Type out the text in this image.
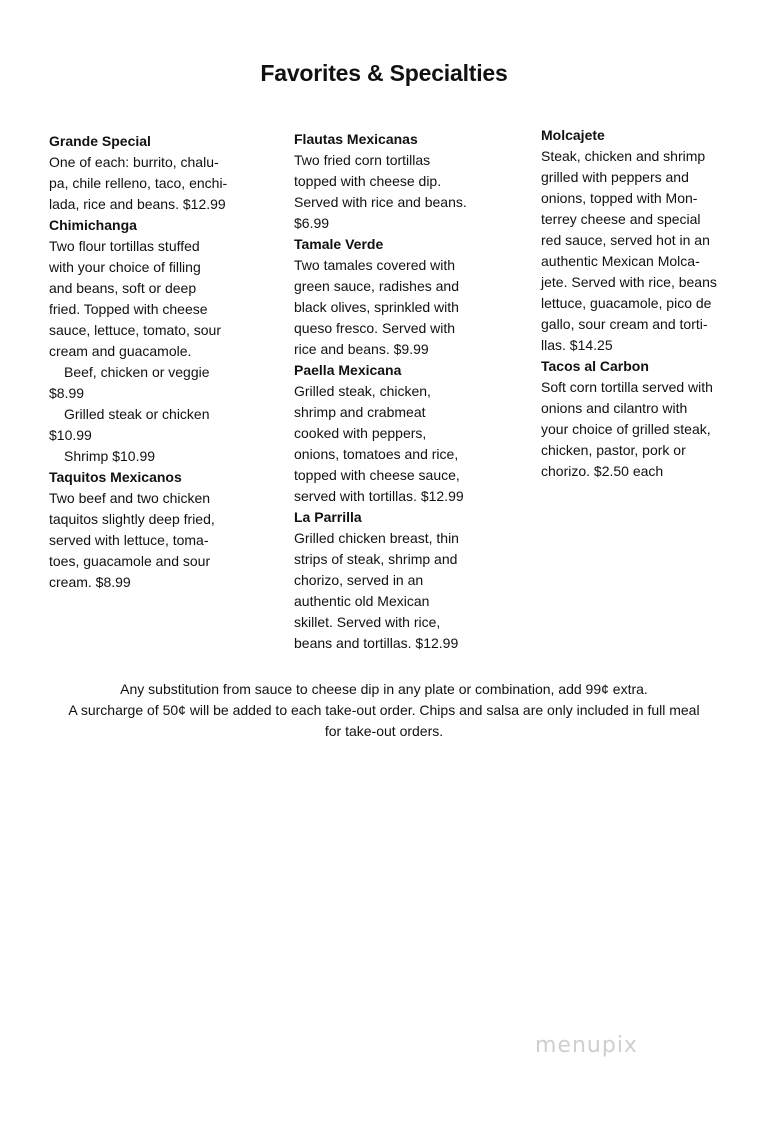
Favorites & Specialties

Grande Special

One of each: burrito, chalu-

pa, chile relleno, taco, enchi-

lada, rice and beans. $12.99

Chimichanga

Two flour tortillas stuffed

with your choice of filling

and beans, soft or deep

fried. Topped with cheese

sauce, lettuce, tomato, sour

cream and guacamole.

Beef, chicken or veggie

$8.99

Grilled steak or chicken

$10.99

Shrimp $10.99

Taquitos Mexicanos

Two beef and two chicken

taquitos slightly deep fried,

served with lettuce, toma-

toes, guacamole and sour

cream. $8.99

Flautas Mexicanas

Two fried corn tortillas

topped with cheese dip.

Served with rice and beans.

$6.99

Tamale Verde

Two tamales covered with

green sauce, radishes and

black olives, sprinkled with

queso fresco. Served with

rice and beans. $9.99

Paella Mexicana

Grilled steak, chicken,

shrimp and crabmeat

cooked with peppers,

onions, tomatoes and rice,

topped with cheese sauce,

served with tortillas. $12.99

La Parrilla

Grilled chicken breast, thin

strips of steak, shrimp and

chorizo, served in an

authentic old Mexican

skillet. Served with rice,

beans and tortillas. $12.99

Molcajete

Steak, chicken and shrimp

grilled with peppers and

onions, topped with Mon-

terrey cheese and special

red sauce, served hot in an

authentic Mexican Molca-

jete. Served with rice, beans

lettuce, guacamole, pico de

gallo, sour cream and torti-

llas. $14.25

Tacos al Carbon

Soft corn tortilla served with

onions and cilantro with

your choice of grilled steak,

chicken, pastor, pork or

chorizo. $2.50 each

Any substitution from sauce to cheese dip in any plate or combination, add 99¢ extra.

A surcharge of 50¢ will be added to each take-out order. Chips and salsa are only included in full meal

for take-out orders.

menupix
